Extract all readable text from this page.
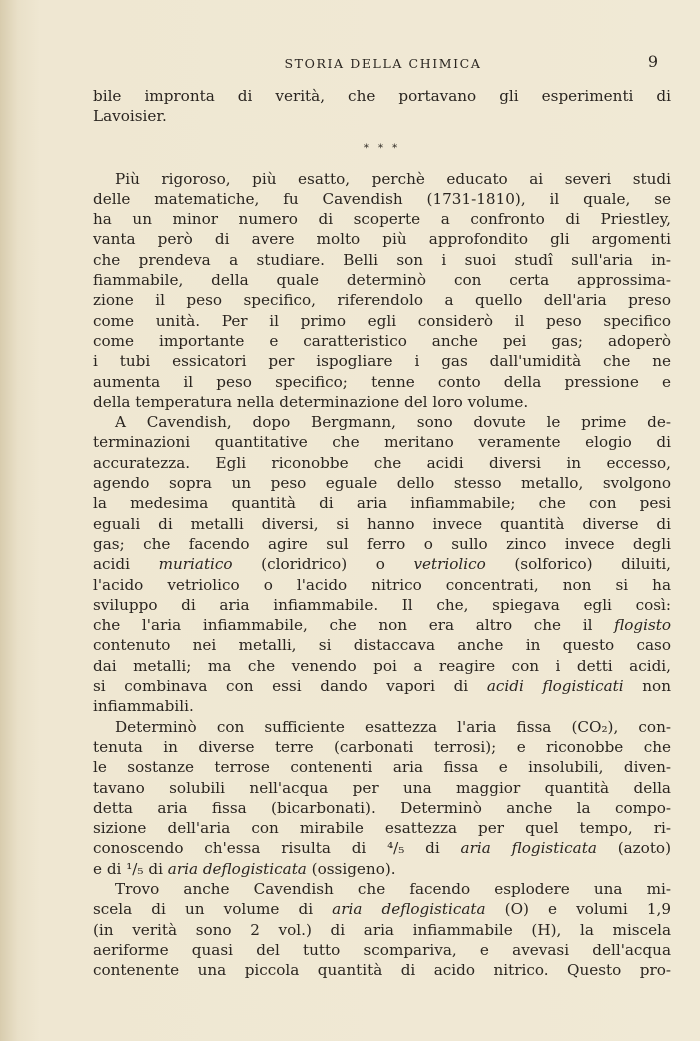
STORIA DELLA CHIMICA	9
bile impronta di verità, che portavano gli esperimenti di
Lavoisier.
* * *
Più rigoroso, più esatto, perchè educato ai severi studi
delle matematiche, fu Cavendish (1731-1810), il quale, se
ha un minor numero di scoperte a confronto di Priestley,
vanta però di avere molto più approfondito gli argomenti
che prendeva a studiare. Belli son i suoi studî sull'aria in-
fiammabile, della quale determinò con certa approssima-
zione il peso specifico, riferendolo a quello dell'aria preso
come unità. Per il primo egli considerò il peso specifico
come importante e caratteristico anche pei gas; adoperò
i tubi essicatori per ispogliare i gas dall'umidità che ne
aumenta il peso specifico; tenne conto della pressione e
della temperatura nella determinazione del loro volume.
A Cavendish, dopo Bergmann, sono dovute le prime de-
terminazioni quantitative che meritano veramente elogio di
accuratezza. Egli riconobbe che acidi diversi in eccesso,
agendo sopra un peso eguale dello stesso metallo, svolgono
la medesima quantità di aria infiammabile; che con pesi
eguali di metalli diversi, si hanno invece quantità diverse di
gas; che facendo agire sul ferro o sullo zinco invece degli
acidi muriatico (cloridrico) o vetriolico (solforico) diluiti,
l'acido vetriolico o l'acido nitrico concentrati, non si ha
sviluppo di aria infiammabile. Il che, spiegava egli così:
che l'aria infiammabile, che non era altro che il flogisto
contenuto nei metalli, si distaccava anche in questo caso
dai metalli; ma che venendo poi a reagire con i detti acidi,
si combinava con essi dando vapori di acidi flogisticati non
infiammabili.
Determinò con sufficiente esattezza l'aria fissa (CO₂), con-
tenuta in diverse terre (carbonati terrosi); e riconobbe che
le sostanze terrose contenenti aria fissa e insolubili, diven-
tavano solubili nell'acqua per una maggior quantità della
detta aria fissa (bicarbonati). Determinò anche la compo-
sizione dell'aria con mirabile esattezza per quel tempo, ri-
conoscendo ch'essa risulta di ⁴/₅ di aria flogisticata (azoto)
e di ¹/₅ di aria deflogisticata (ossigeno).
Trovo anche Cavendish che facendo esplodere una mi-
scela di un volume di aria deflogisticata (O) e volumi 1,9
(in verità sono 2 vol.) di aria infiammabile (H), la miscela
aeriforme quasi del tutto scompariva, e avevasi dell'acqua
contenente una piccola quantità di acido nitrico. Questo pro-
